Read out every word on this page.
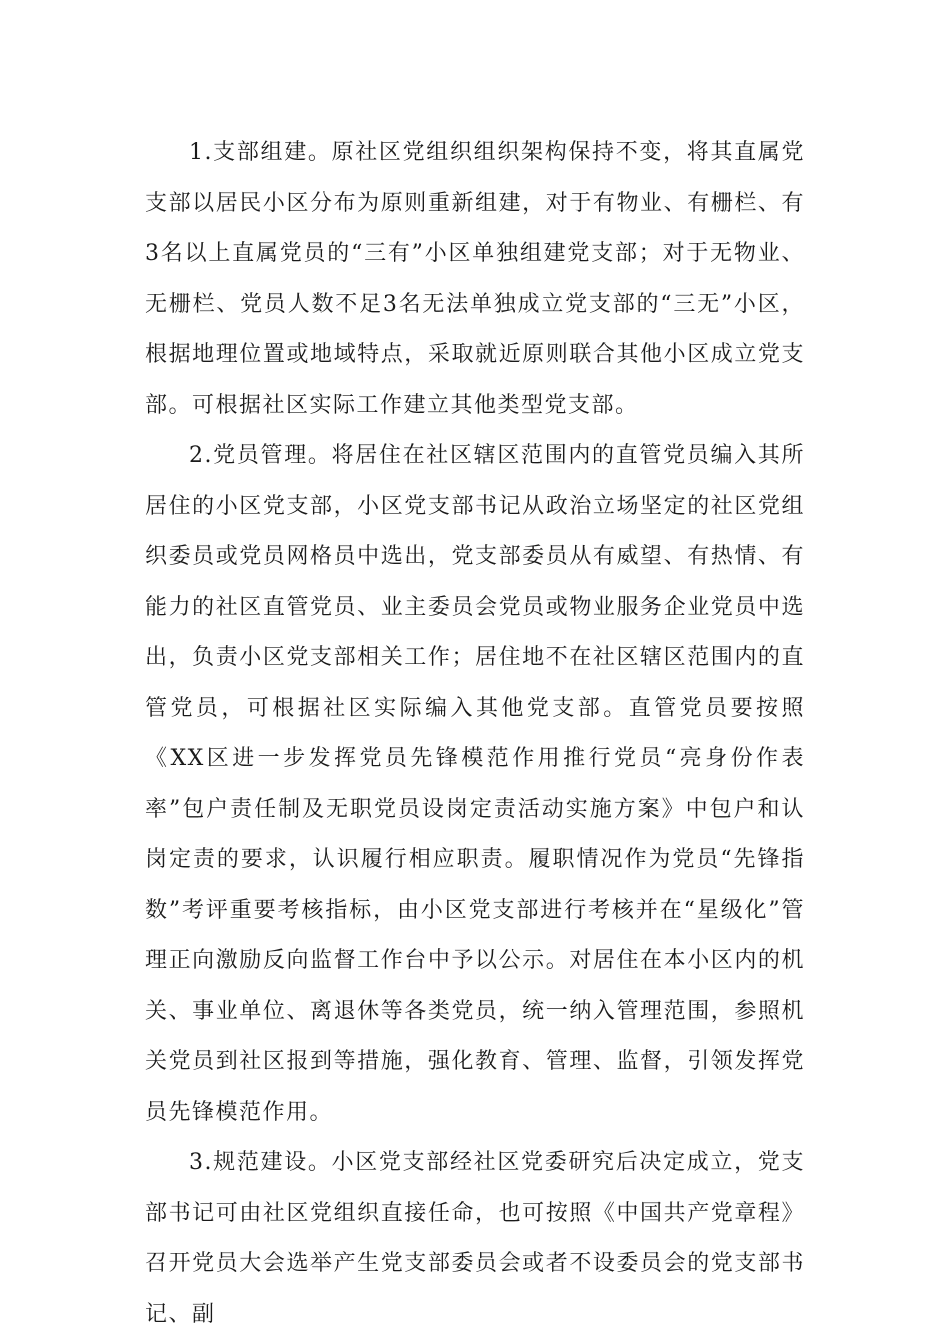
1.支部组建。原社区党组织组织架构保持不变，将其直属党支部以居民小区分布为原则重新组建，对于有物业、有栅栏、有3名以上直属党员的“三有”小区单独组建党支部；对于无物业、无栅栏、党员人数不足3名无法单独成立党支部的“三无”小区，根据地理位置或地域特点，采取就近原则联合其他小区成立党支部。可根据社区实际工作建立其他类型党支部。

2.党员管理。将居住在社区辖区范围内的直管党员编入其所居住的小区党支部，小区党支部书记从政治立场坚定的社区党组织委员或党员网格员中选出，党支部委员从有威望、有热情、有能力的社区直管党员、业主委员会党员或物业服务企业党员中选出，负责小区党支部相关工作；居住地不在社区辖区范围内的直管党员，可根据社区实际编入其他党支部。直管党员要按照《XX区进一步发挥党员先锋模范作用推行党员“亮身份作表率”包户责任制及无职党员设岗定责活动实施方案》中包户和认岗定责的要求，认识履行相应职责。履职情况作为党员“先锋指数”考评重要考核指标，由小区党支部进行考核并在“星级化”管理正向激励反向监督工作台中予以公示。对居住在本小区内的机关、事业单位、离退休等各类党员，统一纳入管理范围，参照机关党员到社区报到等措施，强化教育、管理、监督，引领发挥党员先锋模范作用。

3.规范建设。小区党支部经社区党委研究后决定成立，党支部书记可由社区党组织直接任命，也可按照《中国共产党章程》召开党员大会选举产生党支部委员会或者不设委员会的党支部书记、副
